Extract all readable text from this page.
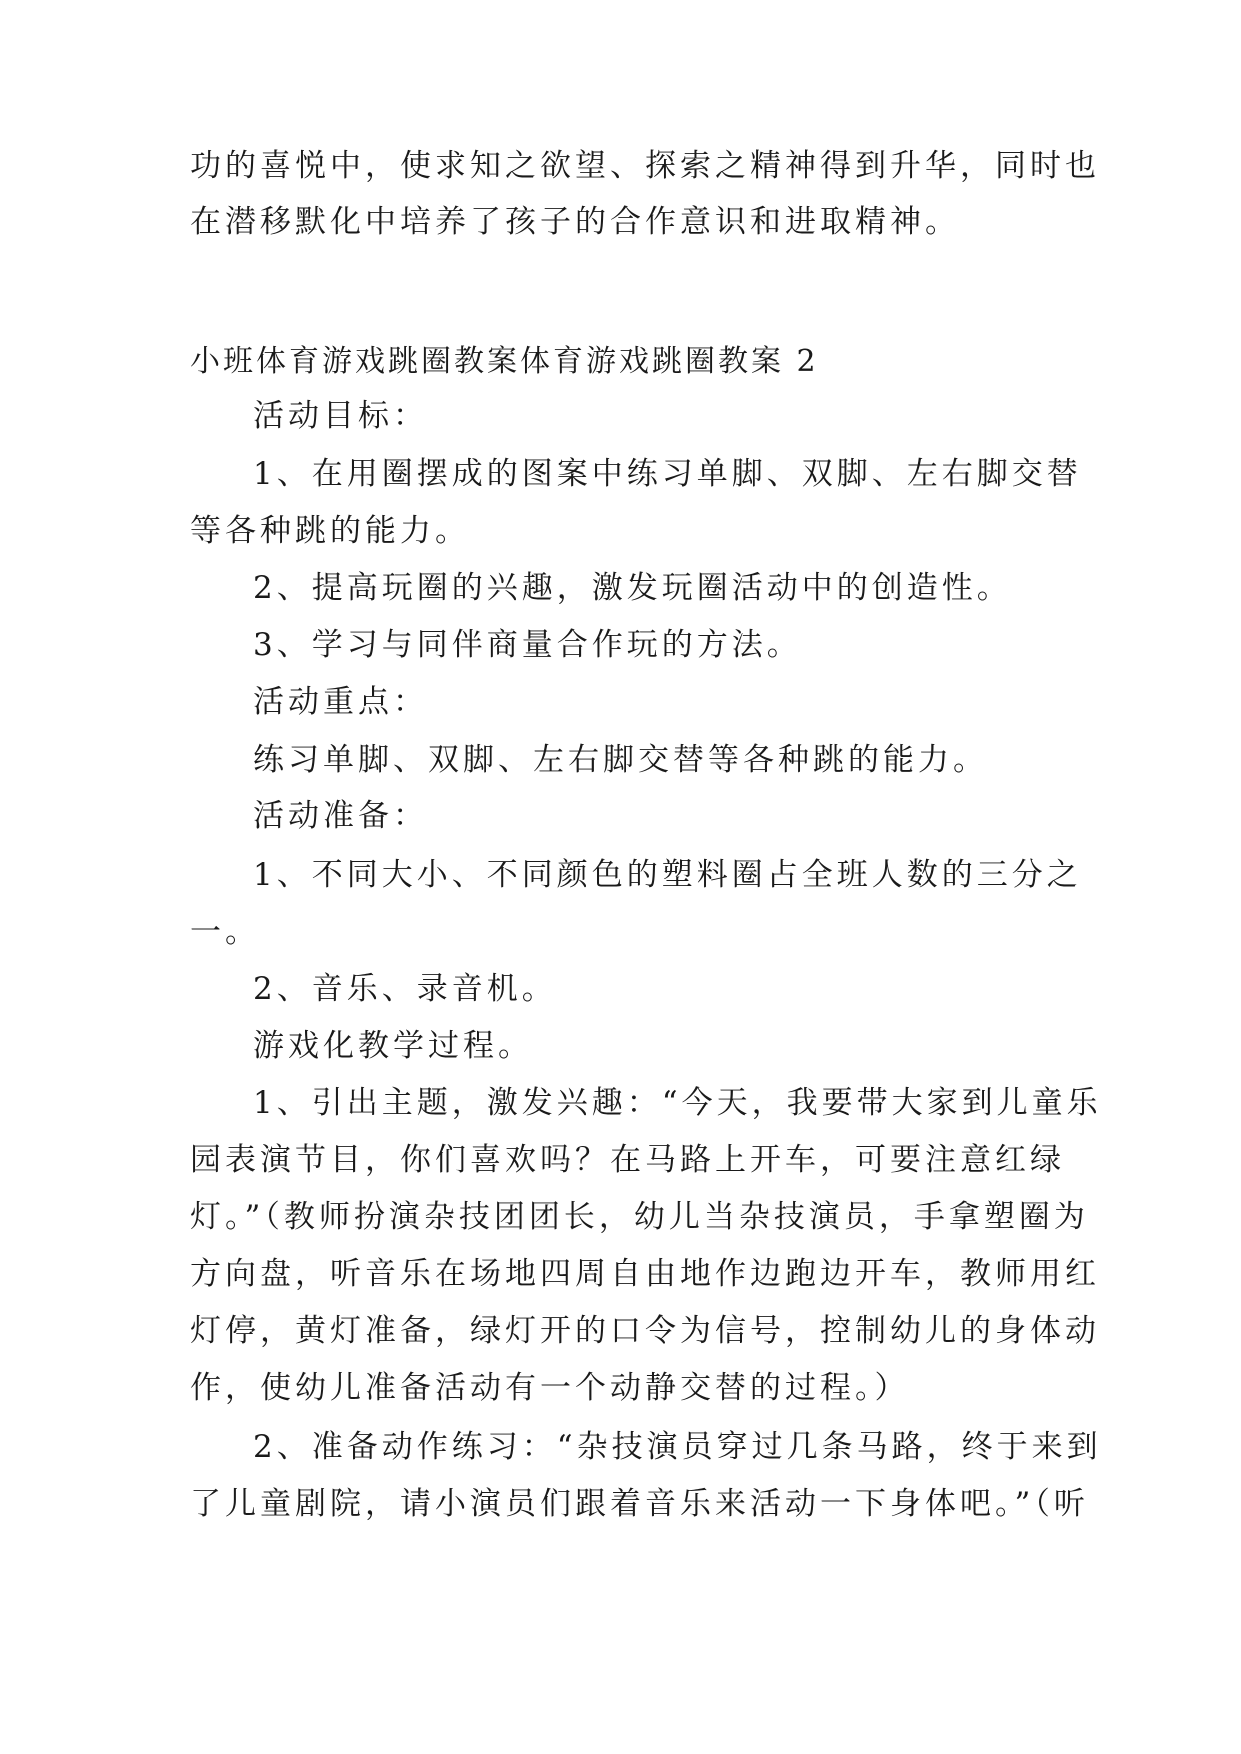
功的喜悦中，使求知之欲望、探索之精神得到升华，同时也
在潜移默化中培养了孩子的合作意识和进取精神。
小班体育游戏跳圈教案体育游戏跳圈教案 2
活动目标：
1、在用圈摆成的图案中练习单脚、双脚、左右脚交替
等各种跳的能力。
2、提高玩圈的兴趣，激发玩圈活动中的创造性。
3、学习与同伴商量合作玩的方法。
活动重点：
练习单脚、双脚、左右脚交替等各种跳的能力。
活动准备：
1、不同大小、不同颜色的塑料圈占全班人数的三分之
一。
2、音乐、录音机。
游戏化教学过程。
1、引出主题，激发兴趣：“今天，我要带大家到儿童乐
园表演节目，你们喜欢吗？在马路上开车，可要注意红绿
灯。”（教师扮演杂技团团长，幼儿当杂技演员，手拿塑圈为
方向盘，听音乐在场地四周自由地作边跑边开车，教师用红
灯停，黄灯准备，绿灯开的口令为信号，控制幼儿的身体动
作，使幼儿准备活动有一个动静交替的过程。）
2、准备动作练习：“杂技演员穿过几条马路，终于来到
了儿童剧院，请小演员们跟着音乐来活动一下身体吧。”（听
